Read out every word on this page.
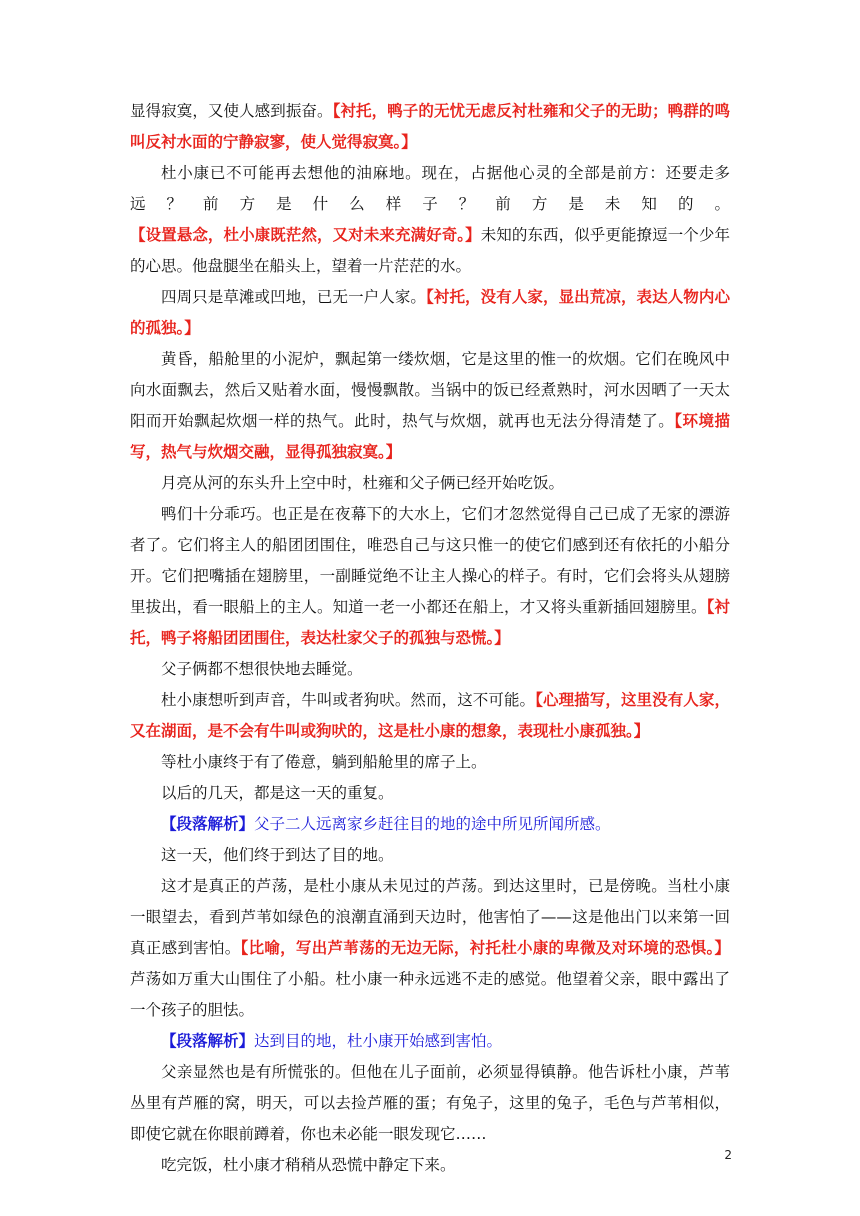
显得寂寞，又使人感到振奋。【衬托，鸭子的无忧无虑反衬杜雍和父子的无助；鸭群的鸣叫反衬水面的宁静寂寥，使人觉得寂寞。】

杜小康已不可能再去想他的油麻地。现在，占据他心灵的全部是前方：还要走多远？前方是什么样子？前方是未知的。【设置悬念，杜小康既茫然，又对未来充满好奇。】未知的东西，似乎更能撩逗一个少年的心思。他盘腿坐在船头上，望着一片茫茫的水。

四周只是草滩或凹地，已无一户人家。【衬托，没有人家，显出荒凉，表达人物内心的孤独。】

黄昏，船舱里的小泥炉，飘起第一缕炊烟，它是这里的惟一的炊烟。它们在晚风中向水面飘去，然后又贴着水面，慢慢飘散。当锅中的饭已经煮熟时，河水因晒了一天太阳而开始飘起炊烟一样的热气。此时，热气与炊烟，就再也无法分得清楚了。【环境描写，热气与炊烟交融，显得孤独寂寞。】

月亮从河的东头升上空中时，杜雍和父子俩已经开始吃饭。

鸭们十分乖巧。也正是在夜幕下的大水上，它们才忽然觉得自己已成了无家的漂游者了。它们将主人的船团团围住，唯恐自己与这只惟一的使它们感到还有依托的小船分开。它们把嘴插在翅膀里，一副睡觉绝不让主人操心的样子。有时，它们会将头从翅膀里拔出，看一眼船上的主人。知道一老一小都还在船上，才又将头重新插回翅膀里。【衬托，鸭子将船团团围住，表达杜家父子的孤独与恐慌。】

父子俩都不想很快地去睡觉。

杜小康想听到声音，牛叫或者狗吠。然而，这不可能。【心理描写，这里没有人家，又在湖面，是不会有牛叫或狗吠的，这是杜小康的想象，表现杜小康孤独。】

等杜小康终于有了倦意，躺到船舱里的席子上。

以后的几天，都是这一天的重复。

【段落解析】父子二人远离家乡赶往目的地的途中所见所闻所感。

这一天，他们终于到达了目的地。

这才是真正的芦荡，是杜小康从未见过的芦荡。到达这里时，已是傍晚。当杜小康一眼望去，看到芦苇如绿色的浪潮直涌到天边时，他害怕了——这是他出门以来第一回真正感到害怕。【比喻，写出芦苇荡的无边无际，衬托杜小康的卑微及对环境的恐惧。】芦荡如万重大山围住了小船。杜小康一种永远逃不走的感觉。他望着父亲，眼中露出了一个孩子的胆怯。

【段落解析】达到目的地，杜小康开始感到害怕。

父亲显然也是有所慌张的。但他在儿子面前，必须显得镇静。他告诉杜小康，芦苇丛里有芦雁的窝，明天，可以去捡芦雁的蛋；有兔子，这里的兔子，毛色与芦苇相似，即使它就在你眼前蹲着，你也未必能一眼发现它……

吃完饭，杜小康才稍稍从恐慌中静定下来。

2
